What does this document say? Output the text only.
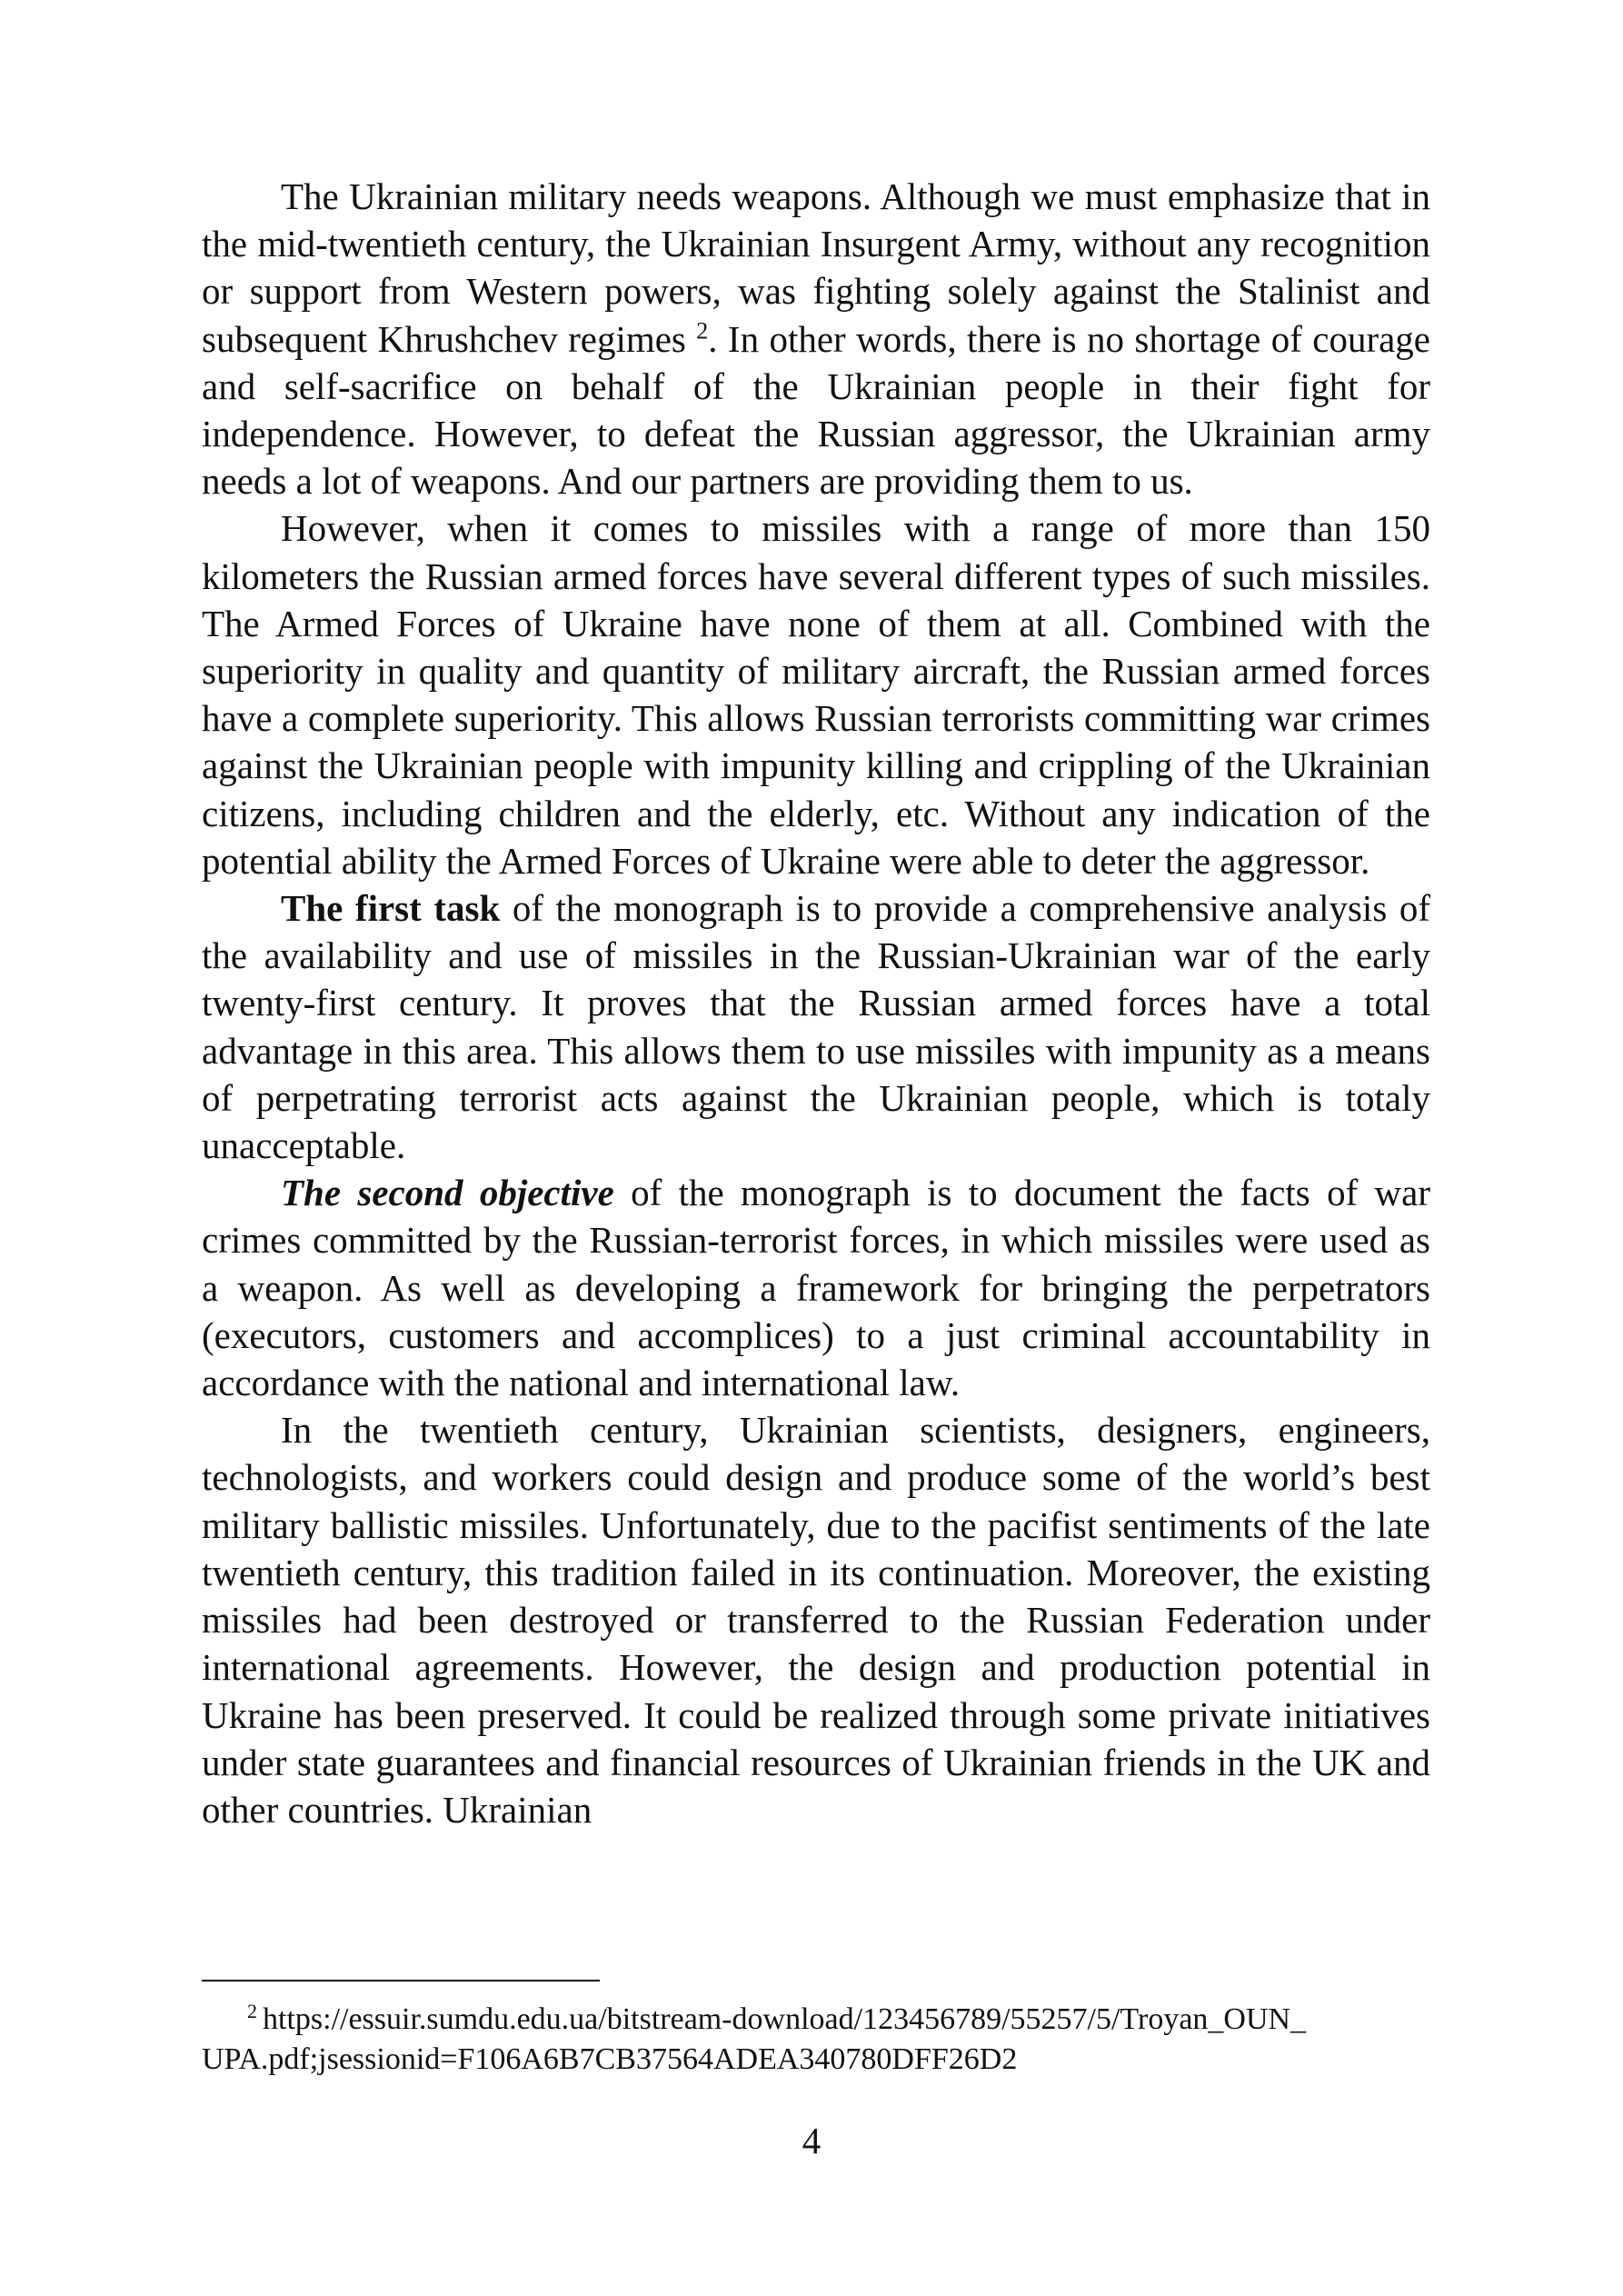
The Ukrainian military needs weapons. Although we must emphasize that in the mid-twentieth century, the Ukrainian Insurgent Army, without any recognition or support from Western powers, was fighting solely against the Stalinist and subsequent Khrushchev regimes $^2$. In other words, there is no shortage of courage and self-sacrifice on behalf of the Ukrainian people in their fight for independence. However, to defeat the Russian aggressor, the Ukrainian army needs a lot of weapons. And our partners are providing them to us.

However, when it comes to missiles with a range of more than 150 kilometers the Russian armed forces have several different types of such missiles. The Armed Forces of Ukraine have none of them at all. Combined with the superiority in quality and quantity of military aircraft, the Russian armed forces have a complete superiority. This allows Russian terrorists committing war crimes against the Ukrainian people with impunity killing and crippling of the Ukrainian citizens, including children and the elderly, etc. Without any indication of the potential ability the Armed Forces of Ukraine were able to deter the aggressor.

The first task of the monograph is to provide a comprehensive analysis of the availability and use of missiles in the Russian-Ukrainian war of the early twenty-first century. It proves that the Russian armed forces have a total advantage in this area. This allows them to use missiles with impunity as a means of perpetrating terrorist acts against the Ukrainian people, which is totaly unacceptable.

The second objective of the monograph is to document the facts of war crimes committed by the Russian-terrorist forces, in which missiles were used as a weapon. As well as developing a framework for bringing the perpetrators (executors, customers and accomplices) to a just criminal accountability in accordance with the national and international law.

In the twentieth century, Ukrainian scientists, designers, engineers, technologists, and workers could design and produce some of the world’s best military ballistic missiles. Unfortunately, due to the pacifist sentiments of the late twentieth century, this tradition failed in its continuation. Moreover, the existing missiles had been destroyed or transferred to the Russian Federation under international agreements. However, the design and production potential in Ukraine has been preserved. It could be realized through some private initiatives under state guarantees and financial resources of Ukrainian friends in the UK and other countries. Ukrainian

$^2$ https://essuir.sumdu.edu.ua/bitstream-download/123456789/55257/5/Troyan_OUN_
UPA.pdf;jsessionid=F106A6B7CB37564ADEA340780DFF26D2
4
